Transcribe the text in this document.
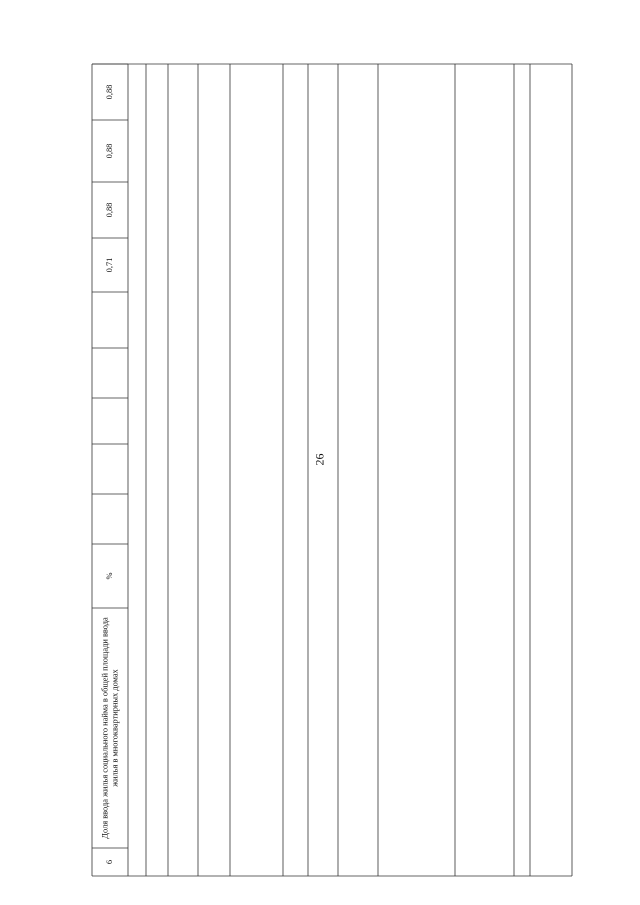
26
6
Доля ввода жилья социального найма в общей площади ввода жилья в многоквартирных домах
%
0,71
0,88
0,88
0,88
